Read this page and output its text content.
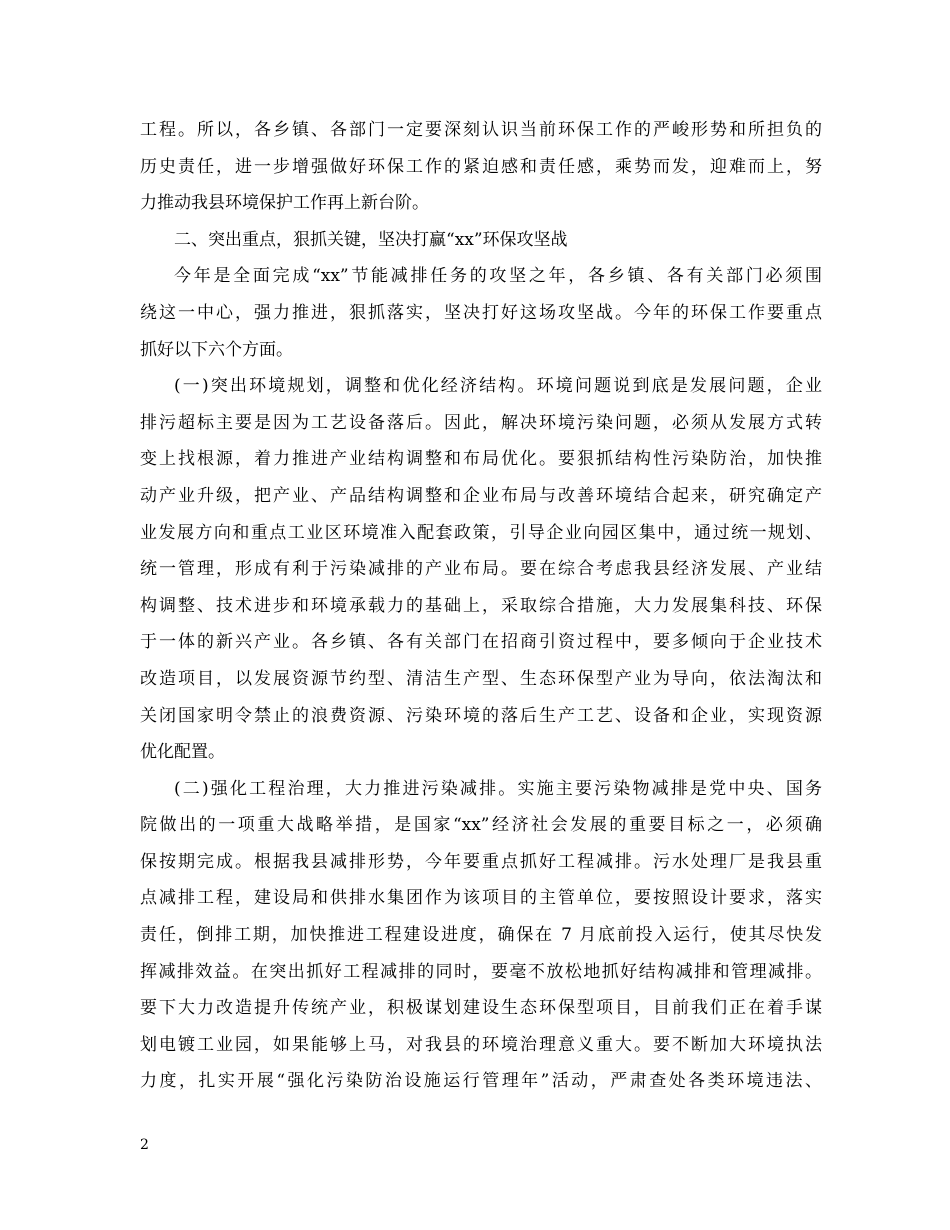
工程。所以，各乡镇、各部门一定要深刻认识当前环保工作的严峻形势和所担负的
历史责任，进一步增强做好环保工作的紧迫感和责任感，乘势而发，迎难而上，努
力推动我县环境保护工作再上新台阶。
二、突出重点，狠抓关键，坚决打赢“xx”环保攻坚战
今年是全面完成“xx”节能减排任务的攻坚之年，各乡镇、各有关部门必须围
绕这一中心，强力推进，狠抓落实，坚决打好这场攻坚战。今年的环保工作要重点
抓好以下六个方面。
(一)突出环境规划，调整和优化经济结构。环境问题说到底是发展问题，企业
排污超标主要是因为工艺设备落后。因此，解决环境污染问题，必须从发展方式转
变上找根源，着力推进产业结构调整和布局优化。要狠抓结构性污染防治，加快推
动产业升级，把产业、产品结构调整和企业布局与改善环境结合起来，研究确定产
业发展方向和重点工业区环境准入配套政策，引导企业向园区集中，通过统一规划、
统一管理，形成有利于污染减排的产业布局。要在综合考虑我县经济发展、产业结
构调整、技术进步和环境承载力的基础上，采取综合措施，大力发展集科技、环保
于一体的新兴产业。各乡镇、各有关部门在招商引资过程中，要多倾向于企业技术
改造项目，以发展资源节约型、清洁生产型、生态环保型产业为导向，依法淘汰和
关闭国家明令禁止的浪费资源、污染环境的落后生产工艺、设备和企业，实现资源
优化配置。
(二)强化工程治理，大力推进污染减排。实施主要污染物减排是党中央、国务
院做出的一项重大战略举措，是国家“xx”经济社会发展的重要目标之一，必须确
保按期完成。根据我县减排形势，今年要重点抓好工程减排。污水处理厂是我县重
点减排工程，建设局和供排水集团作为该项目的主管单位，要按照设计要求，落实
责任，倒排工期，加快推进工程建设进度，确保在 7 月底前投入运行，使其尽快发
挥减排效益。在突出抓好工程减排的同时，要毫不放松地抓好结构减排和管理减排。
要下大力改造提升传统产业，积极谋划建设生态环保型项目，目前我们正在着手谋
划电镀工业园，如果能够上马，对我县的环境治理意义重大。要不断加大环境执法
力度，扎实开展“强化污染防治设施运行管理年”活动，严肃查处各类环境违法、
2
